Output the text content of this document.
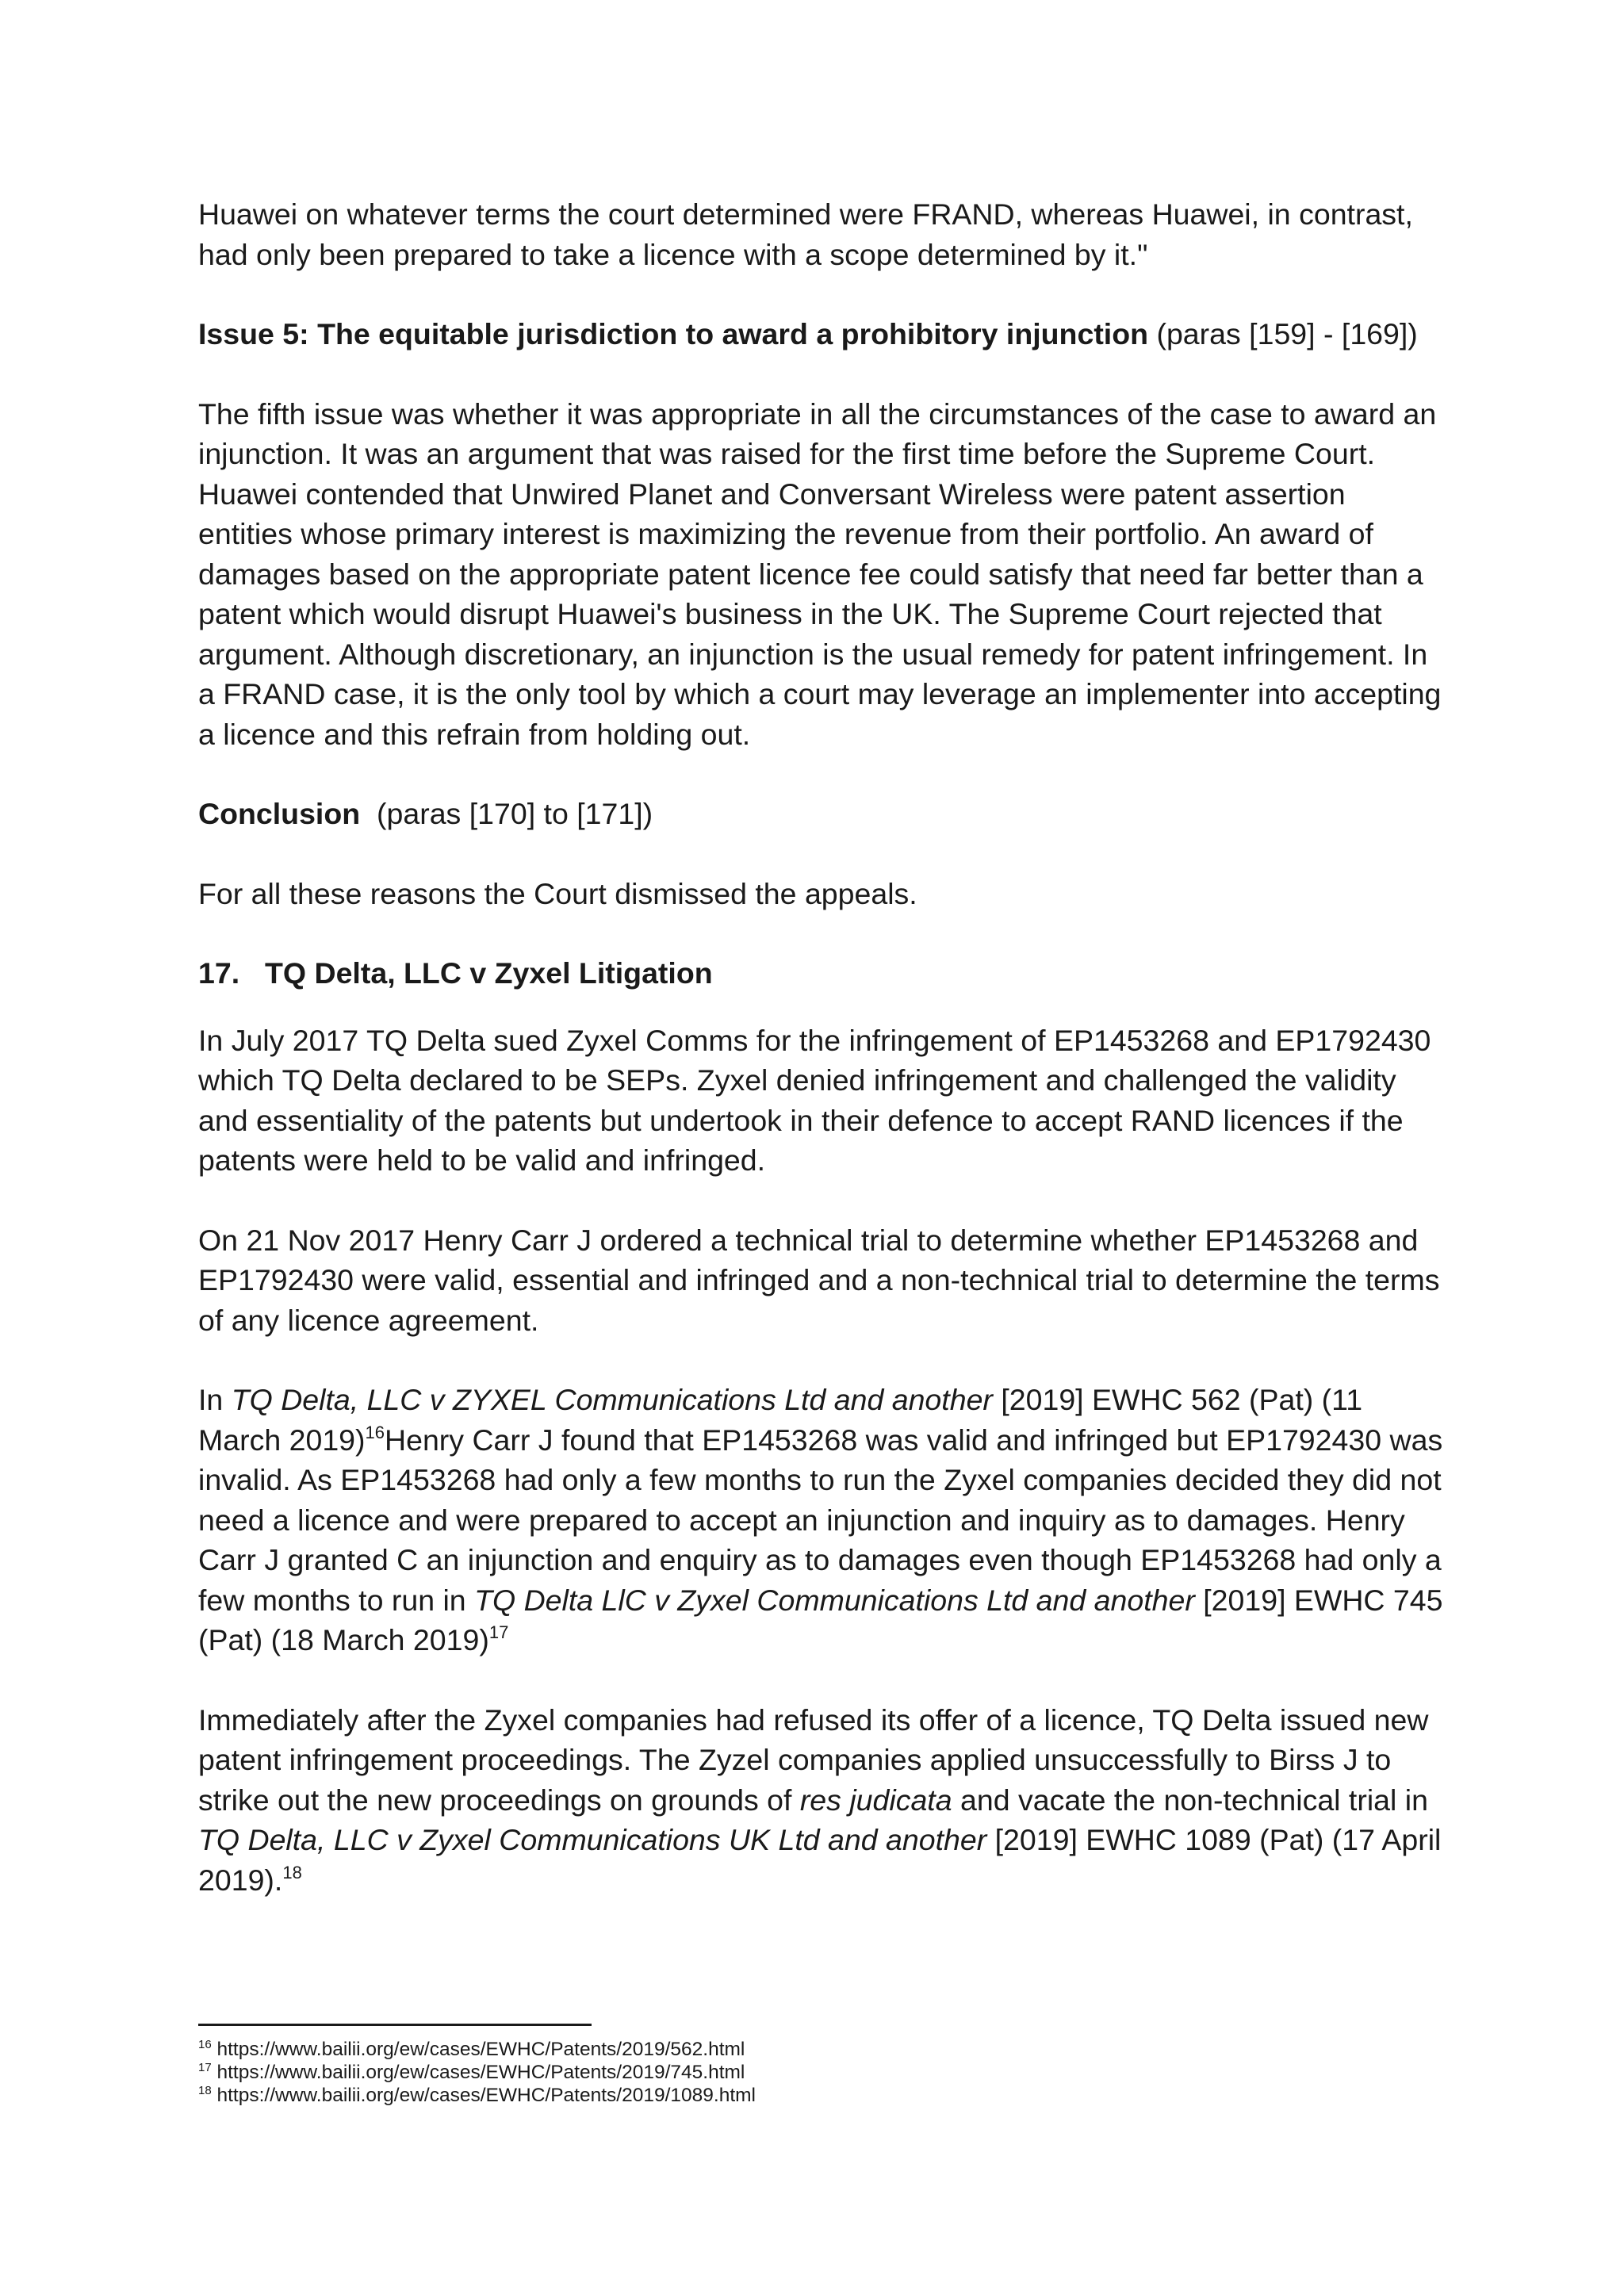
Huawei on whatever terms the court determined were FRAND, whereas Huawei, in contrast, had only been prepared to take a licence with a scope determined by it."

Issue 5: The equitable jurisdiction to award a prohibitory injunction (paras [159] - [169])

The fifth issue was whether it was appropriate in all the circumstances of the case to award an injunction. It was an argument that was raised for the first time before the Supreme Court. Huawei contended that Unwired Planet and Conversant Wireless were patent assertion entities whose primary interest is maximizing the revenue from their portfolio. An award of damages based on the appropriate patent licence fee could satisfy that need far better than a patent which would disrupt Huawei's business in the UK. The Supreme Court rejected that argument. Although discretionary, an injunction is the usual remedy for patent infringement. In a FRAND case, it is the only tool by which a court may leverage an implementer into accepting a licence and this refrain from holding out.

Conclusion  (paras [170] to [171])

For all these reasons the Court dismissed the appeals.

17. TQ Delta, LLC v Zyxel Litigation

In July 2017 TQ Delta sued Zyxel Comms for the infringement of EP1453268 and EP1792430 which TQ Delta declared to be SEPs. Zyxel denied infringement and challenged the validity and essentiality of the patents but undertook in their defence to accept RAND licences if the patents were held to be valid and infringed.

On 21 Nov 2017 Henry Carr J ordered a technical trial to determine whether EP1453268 and EP1792430 were valid, essential and infringed and a non-technical trial to determine the terms of any licence agreement.

In TQ Delta, LLC v ZYXEL Communications Ltd and another [2019] EWHC 562 (Pat) (11 March 2019)$^{16}$Henry Carr J found that EP1453268 was valid and infringed but EP1792430 was invalid. As EP1453268 had only a few months to run the Zyxel companies decided they did not need a licence and were prepared to accept an injunction and inquiry as to damages. Henry Carr J granted C an injunction and enquiry as to damages even though EP1453268 had only a few months to run in TQ Delta LlC v Zyxel Communications Ltd and another [2019] EWHC 745 (Pat) (18 March 2019)$^{17}$

Immediately after the Zyxel companies had refused its offer of a licence, TQ Delta issued new patent infringement proceedings. The Zyzel companies applied unsuccessfully to Birss J to strike out the new proceedings on grounds of res judicata and vacate the non-technical trial in TQ Delta, LLC v Zyxel Communications UK Ltd and another [2019] EWHC 1089 (Pat) (17 April 2019).$^{18}$

$^{16}$ https://www.bailii.org/ew/cases/EWHC/Patents/2019/562.html

$^{17}$ https://www.bailii.org/ew/cases/EWHC/Patents/2019/745.html

$^{18}$ https://www.bailii.org/ew/cases/EWHC/Patents/2019/1089.html
